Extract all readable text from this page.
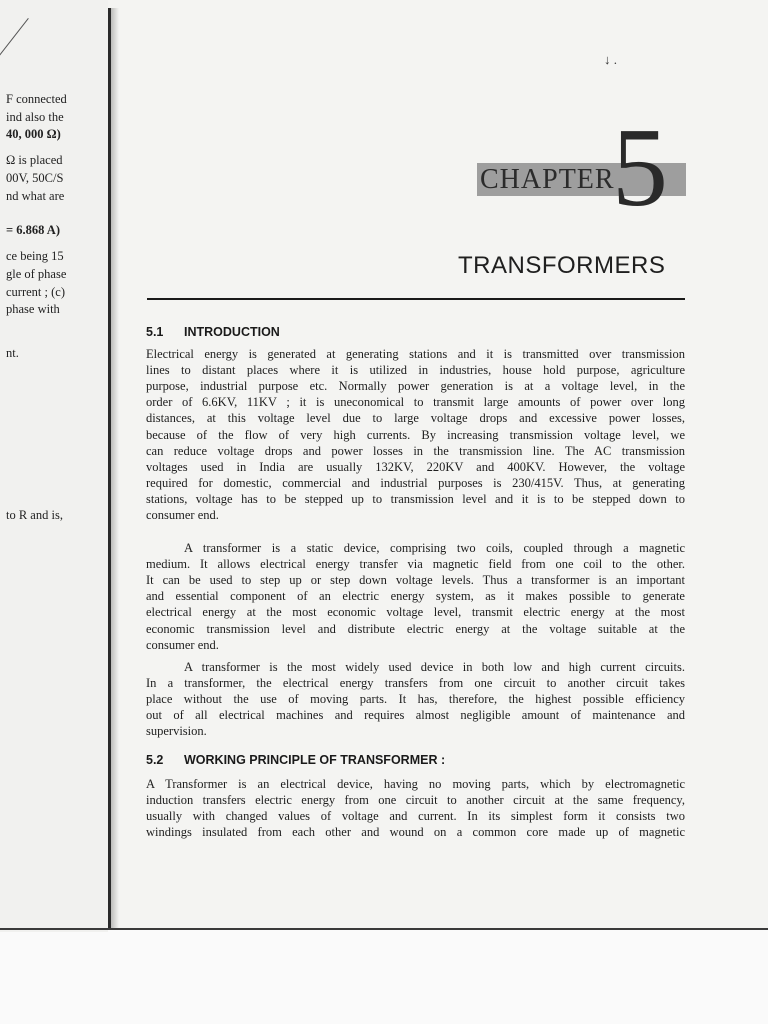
F connected
ind also the
40, 000 Ω)
Ω is placed
00V, 50C/S
nd what are
= 6.868 A)
ce being 15
gle of phase
current ; (c)
phase with
nt.
to R and is,
↓ .
CHAPTER
5
TRANSFORMERS
5.1 INTRODUCTION
Electrical energy is generated at generating stations and it is transmitted over transmission
lines to distant places where it is utilized in industries, house hold purpose, agriculture
purpose, industrial purpose etc. Normally power generation is at a voltage level, in the
order of 6.6KV, 11KV ; it is uneconomical to transmit large amounts of power over long
distances, at this voltage level due to large voltage drops and excessive power losses,
because of the flow of very high currents. By increasing transmission voltage level, we
can reduce voltage drops and power losses in the transmission line. The AC transmission
voltages used in India are usually 132KV, 220KV and 400KV. However, the voltage
required for domestic, commercial and industrial purposes is 230/415V. Thus, at generating
stations, voltage has to be stepped up to transmission level and it is to be stepped down to
consumer end.
A transformer is a static device, comprising two coils, coupled through a magnetic
medium. It allows electrical energy transfer via magnetic field from one coil to the other.
It can be used to step up or step down voltage levels. Thus a transformer is an important
and essential component of an electric energy system, as it makes possible to generate
electrical energy at the most economic voltage level, transmit electric energy at the most
economic transmission level and distribute electric energy at the voltage suitable at the
consumer end.
A transformer is the most widely used device in both low and high current circuits.
In a transformer, the electrical energy transfers from one circuit to another circuit takes
place without the use of moving parts. It has, therefore, the highest possible efficiency
out of all electrical machines and requires almost negligible amount of maintenance and
supervision.
5.2 WORKING PRINCIPLE OF TRANSFORMER :
A Transformer is an electrical device, having no moving parts, which by electromagnetic
induction transfers electric energy from one circuit to another circuit at the same frequency,
usually with changed values of voltage and current. In its simplest form it consists two
windings insulated from each other and wound on a common core made up of magnetic
